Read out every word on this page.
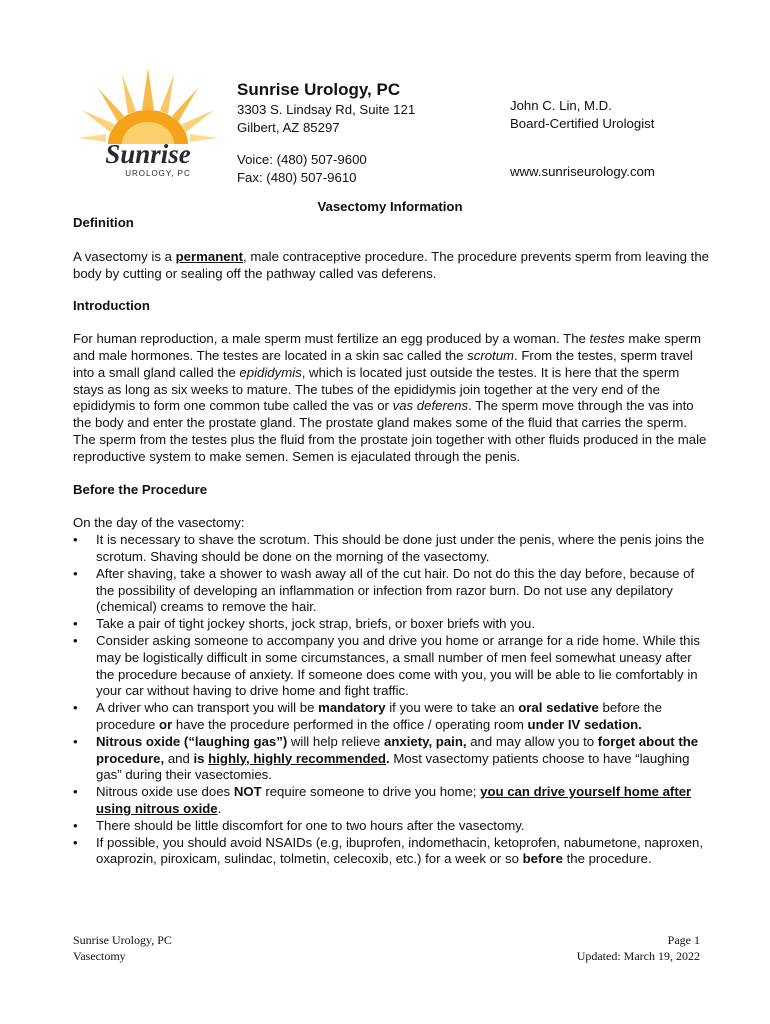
Sunrise
UROLOGY, PC
Sunrise Urology, PC
3303 S. Lindsay Rd, Suite 121
Gilbert, AZ 85297
Voice: (480) 507-9600
Fax: (480) 507-9610
John C. Lin, M.D.
Board-Certified Urologist
www.sunriseurology.com
Vasectomy Information

Definition

A vasectomy is a permanent, male contraceptive procedure. The procedure prevents sperm from leaving the body by cutting or sealing off the pathway called vas deferens.

Introduction

For human reproduction, a male sperm must fertilize an egg produced by a woman. The testes make sperm and male hormones. The testes are located in a skin sac called the scrotum. From the testes, sperm travel into a small gland called the epididymis, which is located just outside the testes. It is here that the sperm stays as long as six weeks to mature. The tubes of the epididymis join together at the very end of the epididymis to form one common tube called the vas or vas deferens. The sperm move through the vas into the body and enter the prostate gland. The prostate gland makes some of the fluid that carries the sperm. The sperm from the testes plus the fluid from the prostate join together with other fluids produced in the male reproductive system to make semen. Semen is ejaculated through the penis.

Before the Procedure

On the day of the vasectomy:

• It is necessary to shave the scrotum. This should be done just under the penis, where the penis joins the scrotum. Shaving should be done on the morning of the vasectomy.
• After shaving, take a shower to wash away all of the cut hair. Do not do this the day before, because of the possibility of developing an inflammation or infection from razor burn. Do not use any depilatory (chemical) creams to remove the hair.
• Take a pair of tight jockey shorts, jock strap, briefs, or boxer briefs with you.
• Consider asking someone to accompany you and drive you home or arrange for a ride home. While this may be logistically difficult in some circumstances, a small number of men feel somewhat uneasy after the procedure because of anxiety. If someone does come with you, you will be able to lie comfortably in your car without having to drive home and fight traffic.
• A driver who can transport you will be mandatory if you were to take an oral sedative before the procedure or have the procedure performed in the office / operating room under IV sedation.
• Nitrous oxide (“laughing gas”) will help relieve anxiety, pain, and may allow you to forget about the procedure, and is highly, highly recommended. Most vasectomy patients choose to have “laughing gas” during their vasectomies.
• Nitrous oxide use does NOT require someone to drive you home; you can drive yourself home after using nitrous oxide.
• There should be little discomfort for one to two hours after the vasectomy.
• If possible, you should avoid NSAIDs (e.g, ibuprofen, indomethacin, ketoprofen, nabumetone, naproxen, oxaprozin, piroxicam, sulindac, tolmetin, celecoxib, etc.) for a week or so before the procedure.
Sunrise Urology, PC
Vasectomy
Page 1
Updated: March 19, 2022
